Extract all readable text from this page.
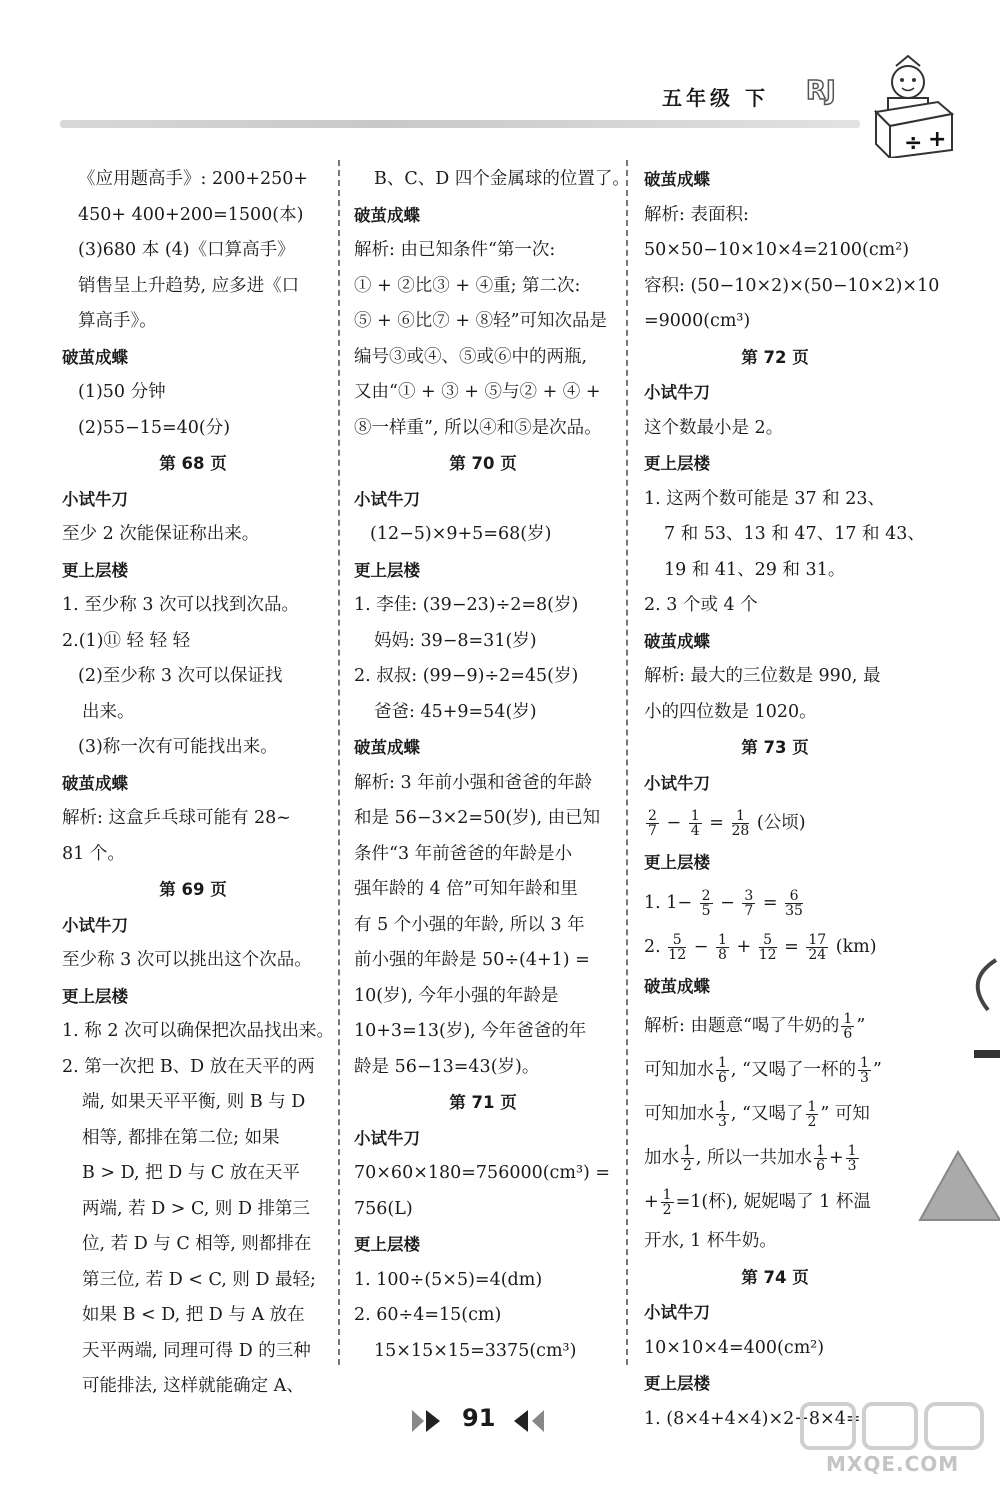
五年级 下 RJ
÷ +
《应用题高手》: 200+250+
450+ 400+200=1500(本)
(3)680 本 (4)《口算高手》
销售呈上升趋势, 应多进《口
算高手》。
破茧成蝶
(1)50 分钟
(2)55−15=40(分)
第 68 页
小试牛刀
至少 2 次能保证称出来。
更上层楼
1. 至少称 3 次可以找到次品。
2.(1)⑪ 轻 轻 轻
(2)至少称 3 次可以保证找
出来。
(3)称一次有可能找出来。
破茧成蝶
解析: 这盒乒乓球可能有 28~
81 个。
第 69 页
小试牛刀
至少称 3 次可以挑出这个次品。
更上层楼
1. 称 2 次可以确保把次品找出来。
2. 第一次把 B、D 放在天平的两
端, 如果天平平衡, 则 B 与 D
相等, 都排在第二位; 如果
B > D, 把 D 与 C 放在天平
两端, 若 D > C, 则 D 排第三
位, 若 D 与 C 相等, 则都排在
第三位, 若 D < C, 则 D 最轻;
如果 B < D, 把 D 与 A 放在
天平两端, 同理可得 D 的三种
可能排法, 这样就能确定 A、
B、C、D 四个金属球的位置了。
破茧成蝶
解析: 由已知条件“第一次:
① + ②比③ + ④重; 第二次:
⑤ + ⑥比⑦ + ⑧轻”可知次品是
编号③或④、⑤或⑥中的两瓶,
又由“① + ③ + ⑤与② + ④ +
⑧一样重”, 所以④和⑤是次品。
第 70 页
小试牛刀
(12−5)×9+5=68(岁)
更上层楼
1. 李佳: (39−23)÷2=8(岁)
妈妈: 39−8=31(岁)
2. 叔叔: (99−9)÷2=45(岁)
爸爸: 45+9=54(岁)
破茧成蝶
解析: 3 年前小强和爸爸的年龄
和是 56−3×2=50(岁), 由已知
条件“3 年前爸爸的年龄是小
强年龄的 4 倍”可知年龄和里
有 5 个小强的年龄, 所以 3 年
前小强的年龄是 50÷(4+1) =
10(岁), 今年小强的年龄是
10+3=13(岁), 今年爸爸的年
龄是 56−13=43(岁)。
第 71 页
小试牛刀
70×60×180=756000(cm³) =
756(L)
更上层楼
1. 100÷(5×5)=4(dm)
2. 60÷4=15(cm)
15×15×15=3375(cm³)
破茧成蝶
解析: 表面积:
50×50−10×10×4=2100(cm²)
容积: (50−10×2)×(50−10×2)×10
=9000(cm³)
第 72 页
小试牛刀
这个数最小是 2。
更上层楼
1. 这两个数可能是 37 和 23、
7 和 53、13 和 47、17 和 43、
19 和 41、29 和 31。
2. 3 个或 4 个
破茧成蝶
解析: 最大的三位数是 990, 最
小的四位数是 1020。
第 73 页
小试牛刀
$\frac{2}{7} - \frac{1}{4} = \frac{1}{28}$ (公顷)
更上层楼
1. $1- \frac{2}{5} - \frac{3}{7} = \frac{6}{35}$
2. $\frac{5}{12} - \frac{1}{8} + \frac{5}{12} = \frac{17}{24} (km)$
破茧成蝶
解析: 由题意“喝了牛奶的 $\frac{1}{6}$ ”
可知加水 $\frac{1}{6}$ , “又喝了一杯的 $\frac{1}{3}$ ”
可知加水 $\frac{1}{3}$ , “又喝了 $\frac{1}{2}$ ” 可知
加水 $\frac{1}{2}$ , 所以一共加水 $\frac{1}{6} + \frac{1}{3}$
+ $\frac{1}{2} =1$(杯), 妮妮喝了 1 杯温
开水, 1 杯牛奶。
第 74 页
小试牛刀
10×10×4=400(cm²)
更上层楼
1. (8×4+4×4)×2+8×4=
91
MXQE.COM
